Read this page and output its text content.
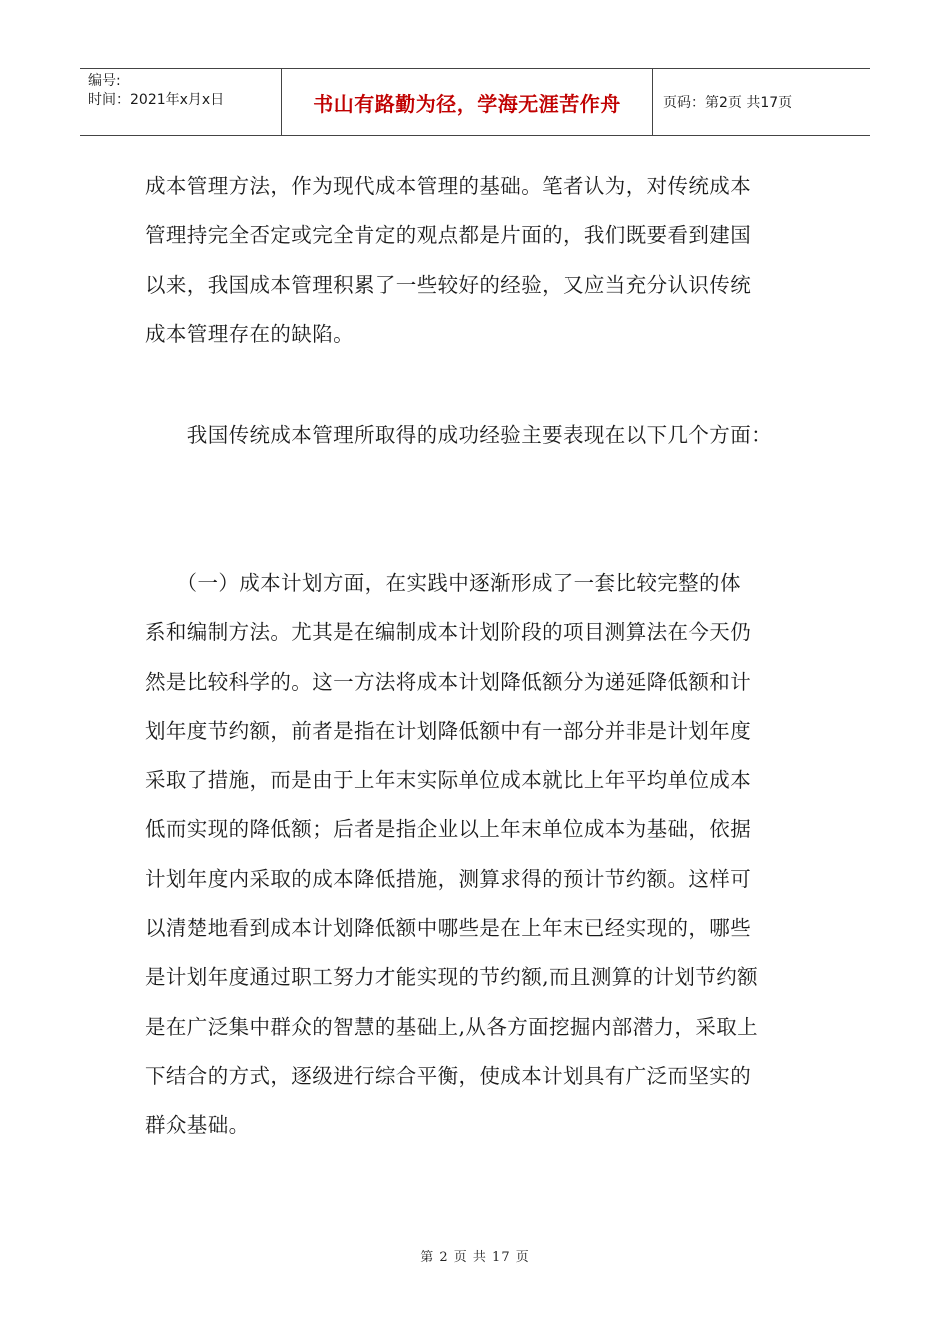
编号:
时间：2021年x月x日	书山有路勤为径，学海无涯苦作舟	页码：第2页 共17页
成本管理方法，作为现代成本管理的基础。笔者认为，对传统成本
管理持完全否定或完全肯定的观点都是片面的，我们既要看到建国
以来，我国成本管理积累了一些较好的经验，又应当充分认识传统
成本管理存在的缺陷。
　　我国传统成本管理所取得的成功经验主要表现在以下几个方面：
　　（一）成本计划方面，在实践中逐渐形成了一套比较完整的体
系和编制方法。尤其是在编制成本计划阶段的项目测算法在今天仍
然是比较科学的。这一方法将成本计划降低额分为递延降低额和计
划年度节约额，前者是指在计划降低额中有一部分并非是计划年度
采取了措施，而是由于上年末实际单位成本就比上年平均单位成本
低而实现的降低额；后者是指企业以上年末单位成本为基础，依据
计划年度内采取的成本降低措施，测算求得的预计节约额。这样可
以清楚地看到成本计划降低额中哪些是在上年末已经实现的，哪些
是计划年度通过职工努力才能实现的节约额,而且测算的计划节约额
是在广泛集中群众的智慧的基础上,从各方面挖掘内部潜力，采取上
下结合的方式，逐级进行综合平衡，使成本计划具有广泛而坚实的
群众基础。
第 2 页 共 17 页
